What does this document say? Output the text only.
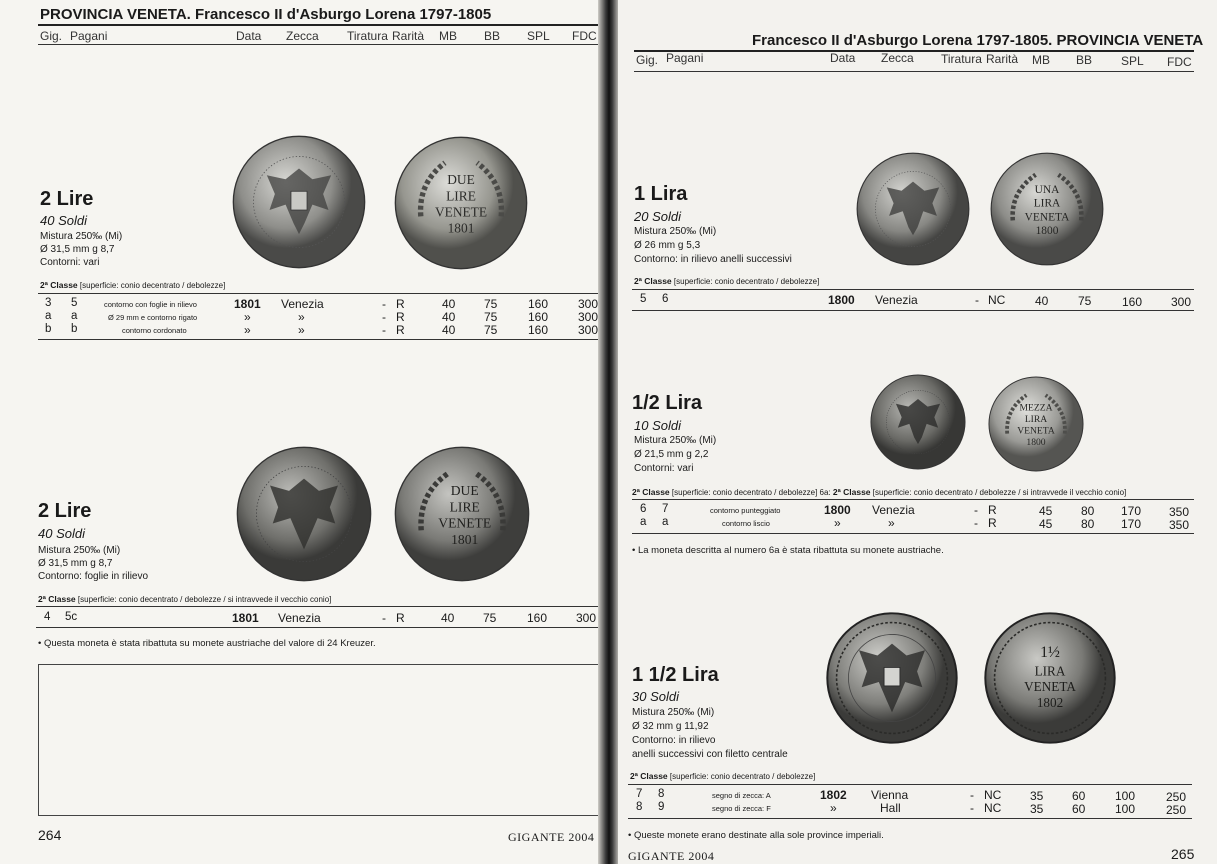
PROVINCIA VENETA. Francesco II d'Asburgo Lorena 1797-1805
Gig. Pagani	Data Zecca Tiratura Rarità MB BB SPL FDC
DUE
LIRE
VENETE
1801
2 Lire
40 Soldi
Mistura 250‰ (Mi)
Ø 31,5 mm g 8,7
Contorni: vari
2ª Classe [superficie: conio decentrato / debolezze]
3 5	contorno con foglie in rilievo	1801 Venezia	- R	40 75	160 300
a a	Ø 29 mm e contorno rigato	»	»	- R	40 75	160 300
b b	contorno cordonato	»	»	- R	40 75	160 300
DUE
LIRE
VENETE
1801
2 Lire
40 Soldi
Mistura 250‰ (Mi)
Ø 31,5 mm g 8,7
Contorno: foglie in rilievo
2ª Classe [superficie: conio decentrato / debolezze / si intravvede il vecchio conio]
4 5c	1801 Venezia	- R	40 75	160 300
• Questa moneta è stata ribattuta su monete austriache del valore di 24 Kreuzer.
264	GIGANTE 2004
Francesco II d'Asburgo Lorena 1797-1805. PROVINCIA VENETA
Gig. Pagani	Data Zecca Tiratura Rarità MB BB SPL FDC
UNA
LIRA
VENETA
1800
1 Lira
20 Soldi
Mistura 250‰ (Mi)
Ø 26 mm g 5,3
Contorno: in rilievo anelli successivi
2ª Classe [superficie: conio decentrato / debolezze]
5 6	1800 Venezia	- NC 40 75	160 300
MEZZA
LIRA
VENETA
1800
1/2 Lira
10 Soldi
Mistura 250‰ (Mi)
Ø 21,5 mm g 2,2
Contorni: vari
2ª Classe [superficie: conio decentrato / debolezze] 6a: 2ª Classe [superficie: conio decentrato / debolezze / si intravvede il vecchio conio]
6 7	contorno punteggiato	1800 Venezia	- R	45 80 170 350
a a	contorno liscio	»	»	- R	45 80 170 350
• La moneta descritta al numero 6a è stata ribattuta su monete austriache.
1½
LIRA
VENETA
1802
1 1/2 Lira
30 Soldi
Mistura 250‰ (Mi)
Ø 32 mm g 11,92
Contorno: in rilievo
anelli successivi con filetto centrale
2ª Classe [superficie: conio decentrato / debolezze]
7 8	segno di zecca: A	1802 Vienna	- NC 35 60 100	250
8 9	segno di zecca: F	»	Hall	- NC 35 60 100	250
• Queste monete erano destinate alla sole province imperiali.
GIGANTE 2004	265
